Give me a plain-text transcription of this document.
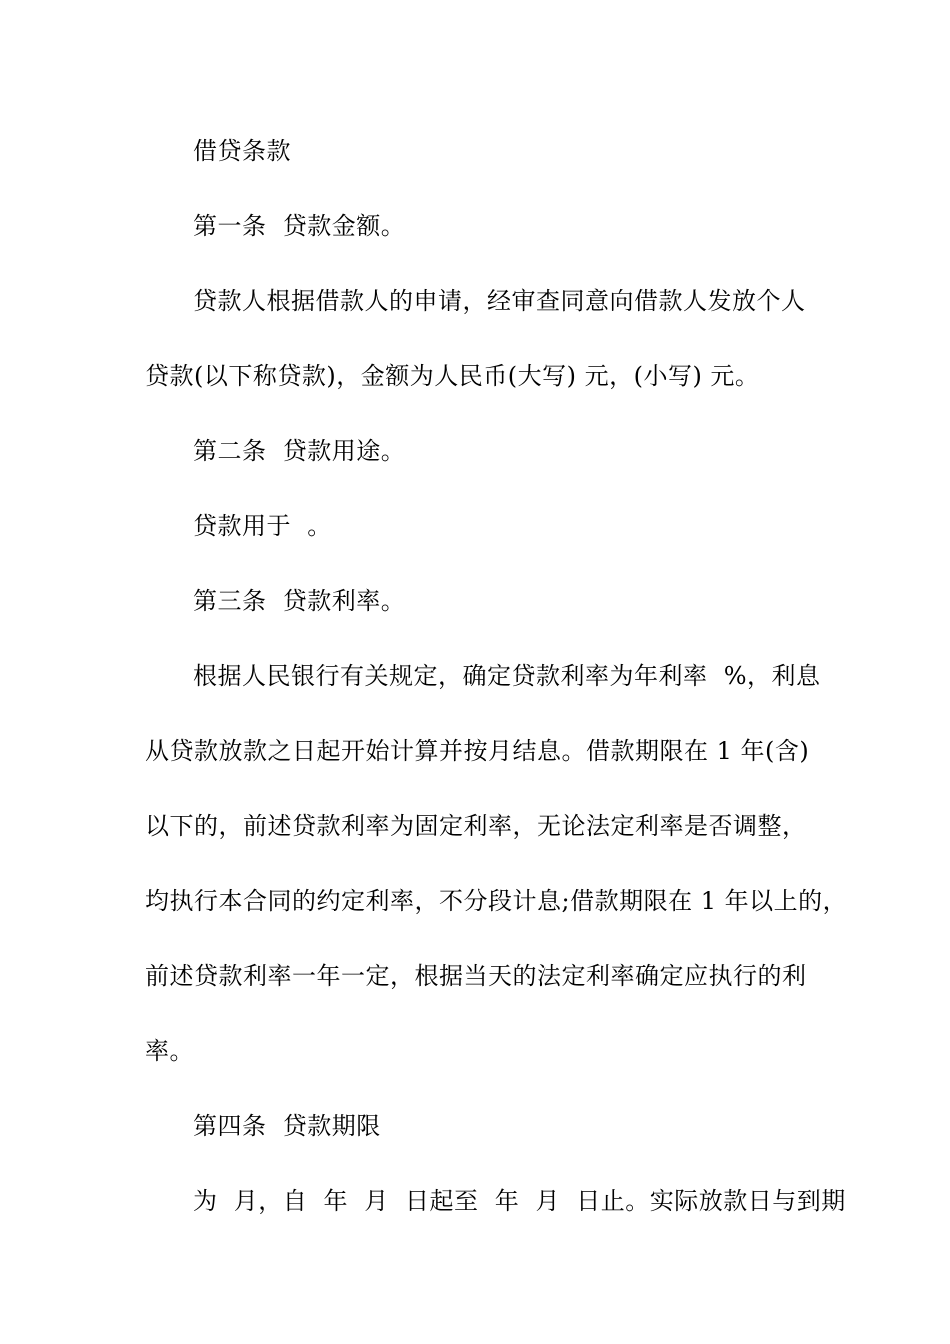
借贷条款
第一条  贷款金额。
贷款人根据借款人的申请，经审查同意向借款人发放个人
贷款(以下称贷款)，金额为人民币(大写) 元，(小写) 元。
第二条  贷款用途。
贷款用于  。
第三条  贷款利率。
根据人民银行有关规定，确定贷款利率为年利率  %，利息
从贷款放款之日起开始计算并按月结息。借款期限在 1 年(含)
以下的，前述贷款利率为固定利率，无论法定利率是否调整，
均执行本合同的约定利率，不分段计息;借款期限在 1 年以上的，
前述贷款利率一年一定，根据当天的法定利率确定应执行的利
率。
第四条  贷款期限
为  月，自  年  月  日起至  年  月  日止。实际放款日与到期
